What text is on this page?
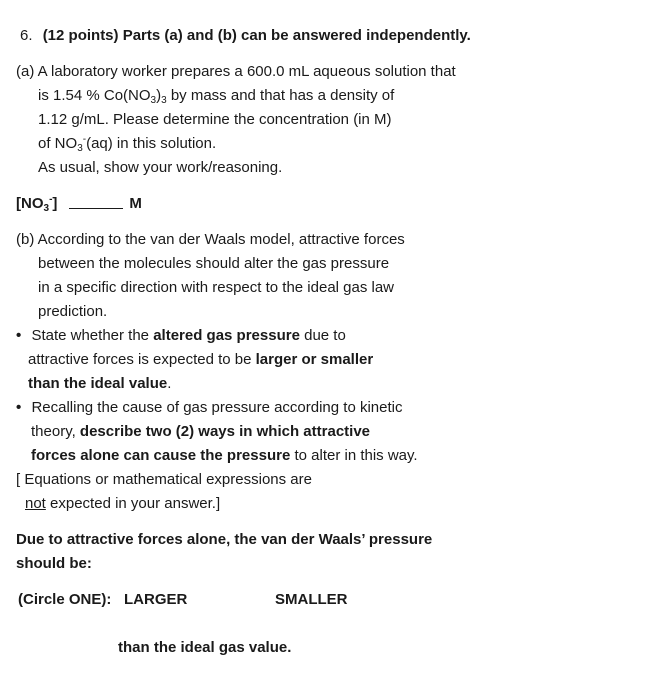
6. (12 points) Parts (a) and (b) can be answered independently.
(a) A laboratory worker prepares a 600.0 mL aqueous solution that
is 1.54 % $Co(NO_3)_3$ by mass and that has a density of
1.12 g/mL. Please determine the concentration (in M)
of $NO_3^-(aq)$ in this solution.
As usual, show your work/reasoning.
$[NO_3^-]$	M
(b) According to the van der Waals model, attractive forces
between the molecules should alter the gas pressure
in a specific direction with respect to the ideal gas law
prediction.
• State whether the altered gas pressure due to
attractive forces is expected to be larger or smaller
than the ideal value.
• Recalling the cause of gas pressure according to kinetic
theory, describe two (2) ways in which attractive
forces alone can cause the pressure to alter in this way.
[ Equations or mathematical expressions are
not expected in your answer.]
Due to attractive forces alone, the van der Waals’ pressure
should be:
(Circle ONE): LARGER	SMALLER
than the ideal gas value.
